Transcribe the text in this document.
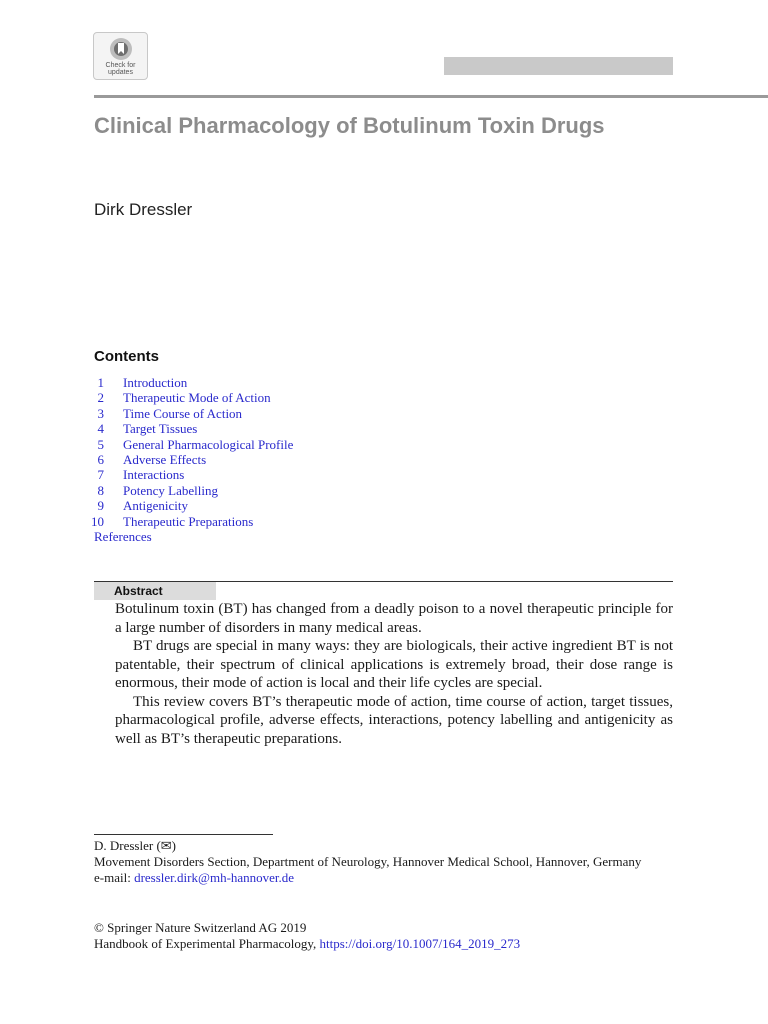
Check for
updates
Clinical Pharmacology of Botulinum Toxin Drugs
Dirk Dressler
Contents
1 Introduction
2 Therapeutic Mode of Action
3 Time Course of Action
4 Target Tissues
5 General Pharmacological Profile
6 Adverse Effects
7 Interactions
8 Potency Labelling
9 Antigenicity
10 Therapeutic Preparations
References
Abstract

Botulinum toxin (BT) has changed from a deadly poison to a novel therapeutic principle for a large number of disorders in many medical areas.

BT drugs are special in many ways: they are biologicals, their active ingredient BT is not patentable, their spectrum of clinical applications is extremely broad, their dose range is enormous, their mode of action is local and their life cycles are special.

This review covers BT’s therapeutic mode of action, time course of action, target tissues, pharmacological profile, adverse effects, interactions, potency labelling and antigenicity as well as BT’s therapeutic preparations.

D. Dressler (✉)
Movement Disorders Section, Department of Neurology, Hannover Medical School, Hannover, Germany
e-mail: dressler.dirk@mh-hannover.de
© Springer Nature Switzerland AG 2019
Handbook of Experimental Pharmacology, https://doi.org/10.1007/164_2019_273
